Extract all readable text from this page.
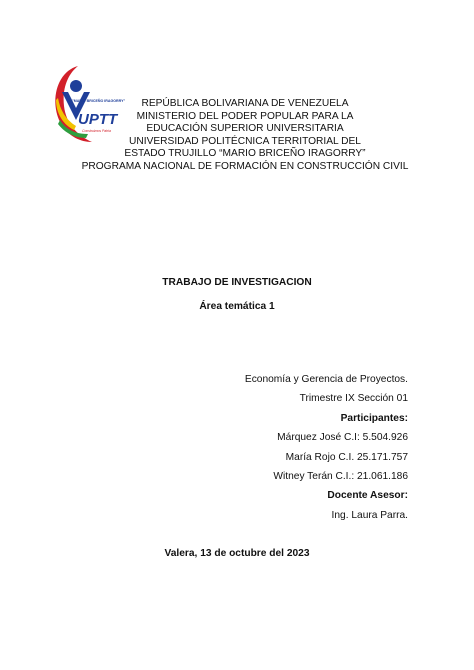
UPTT
"MARIO BRICEÑO IRAGORRY"
Construimos Patria
REPÚBLICA BOLIVARIANA DE VENEZUELA
MINISTERIO DEL PODER POPULAR PARA LA
EDUCACIÓN SUPERIOR UNIVERSITARIA
UNIVERSIDAD POLITÉCNICA TERRITORIAL DEL
ESTADO TRUJILLO “MARIO BRICEÑO IRAGORRY”
PROGRAMA NACIONAL DE FORMACIÓN EN CONSTRUCCIÓN CIVIL
TRABAJO DE INVESTIGACION
Área temática 1
Economía y Gerencia de Proyectos.
Trimestre IX Sección 01
Participantes:
Márquez José C.I: 5.504.926
María Rojo C.I. 25.171.757
Witney Terán C.I.: 21.061.186
Docente Asesor:
Ing. Laura Parra.
Valera, 13 de octubre del 2023
